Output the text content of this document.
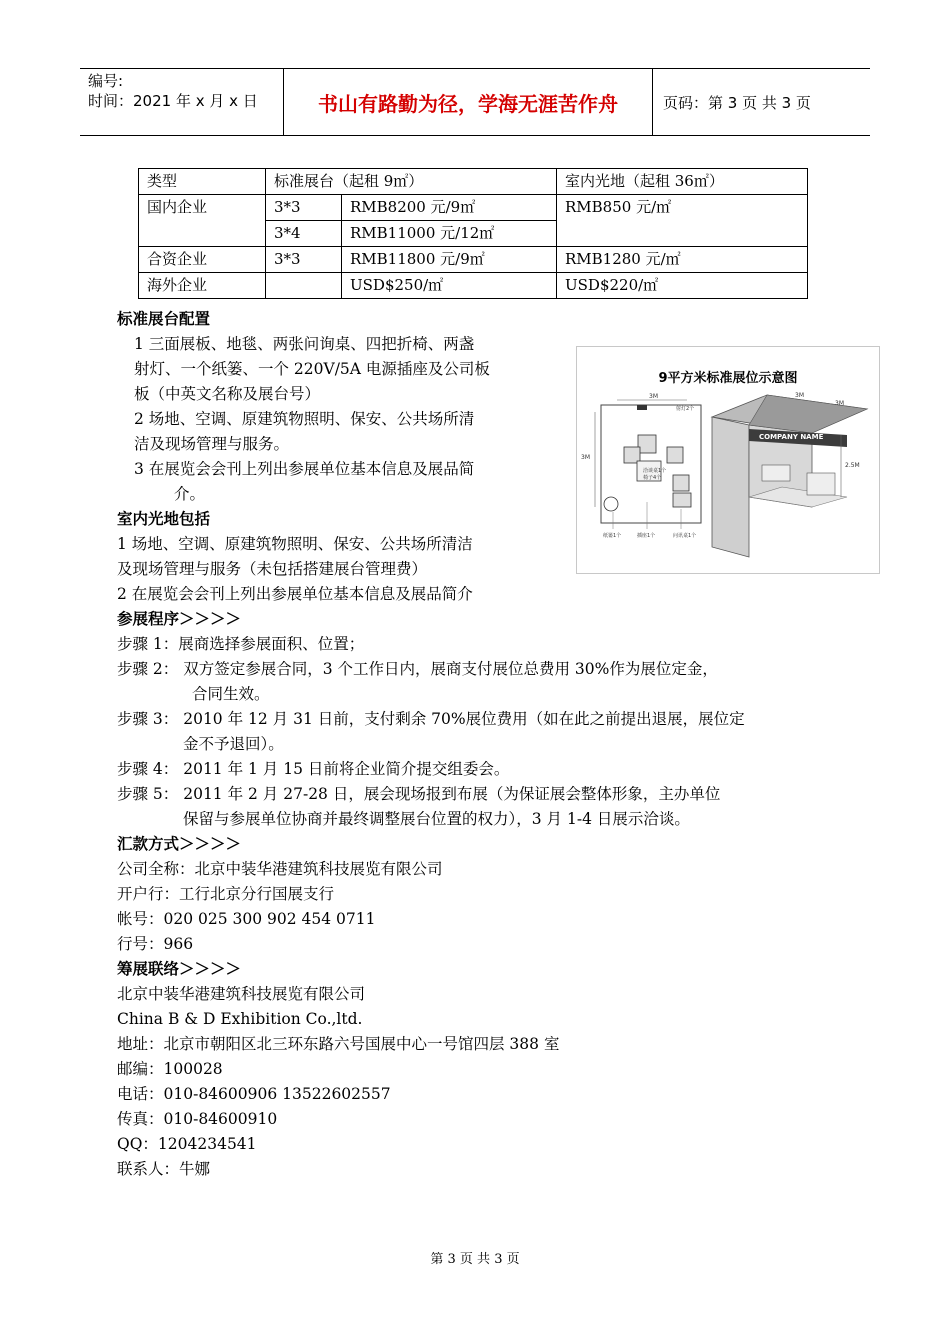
编号:
时间：2021 年 x 月 x 日	书山有路勤为径，学海无涯苦作舟	页码：第 3 页 共 3 页
类型	标准展台（起租 9㎡）		室内光地（起租 36㎡）
国内企业	3*3	RMB8200 元/9㎡	RMB850 元/㎡
	3*4	RMB11000 元/12㎡	
合资企业	3*3	RMB11800 元/9㎡	RMB1280 元/㎡
海外企业		USD$250/㎡	USD$220/㎡
标准展台配置
1 三面展板、地毯、两张问询桌、四把折椅、两盏
射灯、一个纸篓、一个 220V/5A 电源插座及公司板
板（中英文名称及展台号）
2 场地、空调、原建筑物照明、保安、公共场所清
洁及现场管理与服务。
3 在展览会会刊上列出参展单位基本信息及展品简
介。
9平方米标准展位示意图
COMPANY NAME
3M
3M
3M
3M
2.5M
射灯2个
洽谈桌1个
椅子4个
纸篓1个	插座1个	问讯桌1个
室内光地包括
1 场地、空调、原建筑物照明、保安、公共场所清洁
及现场管理与服务（未包括搭建展台管理费）
2 在展览会会刊上列出参展单位基本信息及展品简介
参展程序＞＞＞＞
步骤 1：展商选择参展面积、位置；
步骤 2： 双方签定参展合同，3 个工作日内，展商支付展位总费用 30%作为展位定金，
合同生效。
步骤 3： 2010 年 12 月 31 日前，支付剩余 70%展位费用（如在此之前提出退展，展位定
金不予退回）。
步骤 4： 2011 年 1 月 15 日前将企业简介提交组委会。
步骤 5： 2011 年 2 月 27-28 日，展会现场报到布展（为保证展会整体形象，主办单位
保留与参展单位协商并最终调整展台位置的权力），3 月 1-4 日展示洽谈。
汇款方式＞＞＞＞
公司全称：北京中装华港建筑科技展览有限公司
开户行：工行北京分行国展支行
帐号：020 025 300 902 454 0711
行号：966
筹展联络＞＞＞＞
北京中装华港建筑科技展览有限公司
China B & D Exhibition Co.,ltd.
地址：北京市朝阳区北三环东路六号国展中心一号馆四层 388 室
邮编：100028
电话：010-84600906 13522602557
传真：010-84600910
QQ：1204234541
联系人：牛娜
第 3 页 共 3 页
